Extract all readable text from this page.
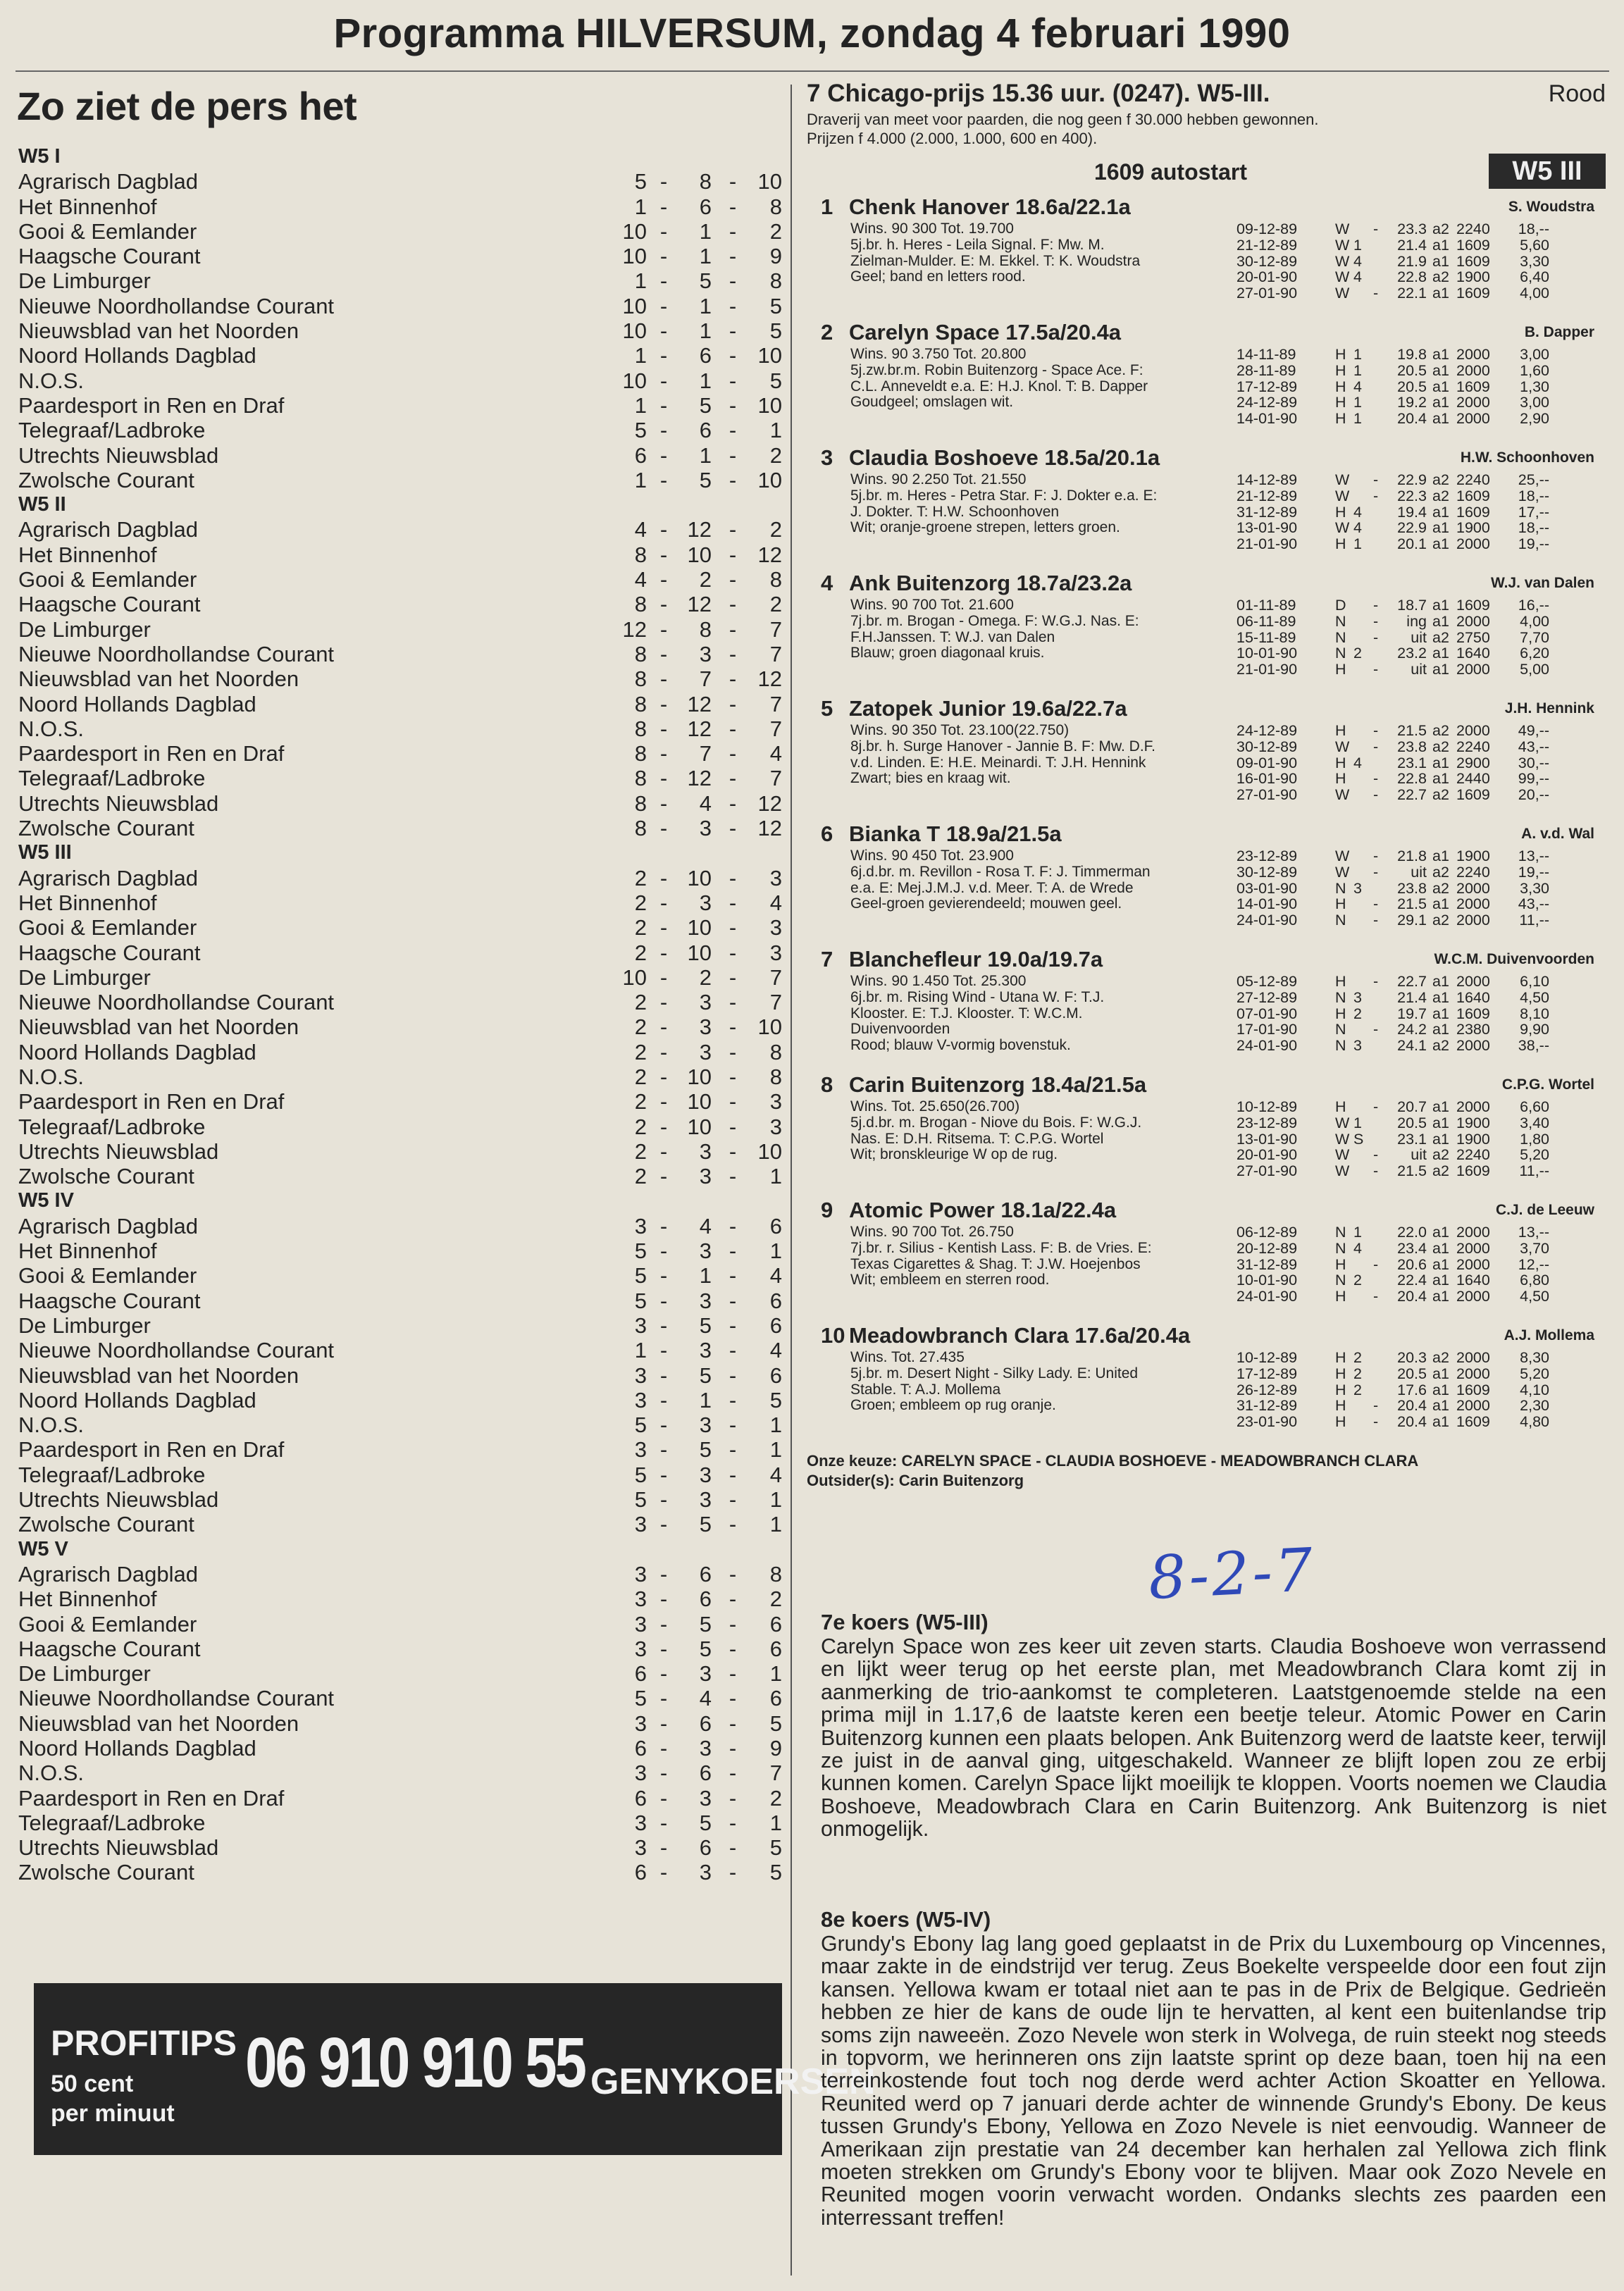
Programma HILVERSUM, zondag 4 februari 1990
Zo ziet de pers het
W5 I
Agrarisch Dagblad	5 -	8 - 10
Het Binnenhof	1 -	6 -	8
Gooi & Eemlander	10 -	1 -	2
Haagsche Courant	10 -	1 -	9
De Limburger	1 -	5 -	8
Nieuwe Noordhollandse Courant	10 -	1 -	5
Nieuwsblad van het Noorden	10 -	1 -	5
Noord Hollands Dagblad	1 -	6 - 10
N.O.S.	10 -	1 -	5
Paardesport in Ren en Draf	1 -	5 - 10
Telegraaf/Ladbroke	5 -	6 -	1
Utrechts Nieuwsblad	6 -	1 -	2
Zwolsche Courant	1 -	5 - 10
W5 II
Agrarisch Dagblad	4 - 12 -	2
Het Binnenhof	8 - 10 - 12
Gooi & Eemlander	4 -	2 -	8
Haagsche Courant	8 - 12 -	2
De Limburger	12 -	8 -	7
Nieuwe Noordhollandse Courant	8 -	3 -	7
Nieuwsblad van het Noorden	8 -	7 - 12
Noord Hollands Dagblad	8 - 12 -	7
N.O.S.	8 - 12 -	7
Paardesport in Ren en Draf	8 -	7 -	4
Telegraaf/Ladbroke	8 - 12 -	7
Utrechts Nieuwsblad	8 -	4 - 12
Zwolsche Courant	8 -	3 - 12
W5 III
Agrarisch Dagblad	2 - 10 -	3
Het Binnenhof	2 -	3 -	4
Gooi & Eemlander	2 - 10 -	3
Haagsche Courant	2 - 10 -	3
De Limburger	10 -	2 -	7
Nieuwe Noordhollandse Courant	2 -	3 -	7
Nieuwsblad van het Noorden	2 -	3 - 10
Noord Hollands Dagblad	2 -	3 -	8
N.O.S.	2 - 10 -	8
Paardesport in Ren en Draf	2 - 10 -	3
Telegraaf/Ladbroke	2 - 10 -	3
Utrechts Nieuwsblad	2 -	3 - 10
Zwolsche Courant	2 -	3 -	1
W5 IV
Agrarisch Dagblad	3 -	4 -	6
Het Binnenhof	5 -	3 -	1
Gooi & Eemlander	5 -	1 -	4
Haagsche Courant	5 -	3 -	6
De Limburger	3 -	5 -	6
Nieuwe Noordhollandse Courant	1 -	3 -	4
Nieuwsblad van het Noorden	3 -	5 -	6
Noord Hollands Dagblad	3 -	1 -	5
N.O.S.	5 -	3 -	1
Paardesport in Ren en Draf	3 -	5 -	1
Telegraaf/Ladbroke	5 -	3 -	4
Utrechts Nieuwsblad	5 -	3 -	1
Zwolsche Courant	3 -	5 -	1
W5 V
Agrarisch Dagblad	3 -	6 -	8
Het Binnenhof	3 -	6 -	2
Gooi & Eemlander	3 -	5 -	6
Haagsche Courant	3 -	5 -	6
De Limburger	6 -	3 -	1
Nieuwe Noordhollandse Courant	5 -	4 -	6
Nieuwsblad van het Noorden	3 -	6 -	5
Noord Hollands Dagblad	6 -	3 -	9
N.O.S.	3 -	6 -	7
Paardesport in Ren en Draf	6 -	3 -	2
Telegraaf/Ladbroke	3 -	5 -	1
Utrechts Nieuwsblad	3 -	6 -	5
Zwolsche Courant	6 -	3 -	5
PROFITIPS
50 cent
per minuut
06 910 910 55 GENYKOERSEN
7 Chicago-prijs 15.36 uur. (0247). W5-III.	Rood
Draverij van meet voor paarden, die nog geen f 30.000 hebben gewonnen.
Prijzen f 4.000 (2.000, 1.000, 600 en 400).
1609 autostart	W5 III
1 Chenk Hanover 18.6a/22.1a	S. Woudstra
Wins. 90 300 Tot. 19.700
5j.br. h. Heres - Leila Signal. F: Mw. M.
Zielman-Mulder. E: M. Ekkel. T: K. Woudstra
Geel; band en letters rood.
09-12-89	W -	23.3 a2 2240	18,--
21-12-89	W 1	21.4 a1 1609	5,60
30-12-89	W 4	21.9 a1 1609	3,30
20-01-90	W 4	22.8 a2 1900	6,40
27-01-90	W -	22.1 a1 1609	4,00
2 Carelyn Space 17.5a/20.4a	B. Dapper
Wins. 90 3.750 Tot. 20.800
5j.zw.br.m. Robin Buitenzorg - Space Ace. F:
C.L. Anneveldt e.a. E: H.J. Knol. T: B. Dapper
Goudgeel; omslagen wit.
14-11-89	H 1	19.8 a1 2000	3,00
28-11-89	H 1	20.5 a1 2000	1,60
17-12-89	H 4	20.5 a1 1609	1,30
24-12-89	H 1	19.2 a1 2000	3,00
14-01-90	H 1	20.4 a1 2000	2,90
3 Claudia Boshoeve 18.5a/20.1a	H.W. Schoonhoven
Wins. 90 2.250 Tot. 21.550
5j.br. m. Heres - Petra Star. F: J. Dokter e.a. E:
J. Dokter. T: H.W. Schoonhoven
Wit; oranje-groene strepen, letters groen.
14-12-89	W -	22.9 a2 2240	25,--
21-12-89	W -	22.3 a2 1609	18,--
31-12-89	H 4	19.4 a1 1609	17,--
13-01-90	W 4	22.9 a1 1900	18,--
21-01-90	H 1	20.1 a1 2000	19,--
4 Ank Buitenzorg 18.7a/23.2a	W.J. van Dalen
Wins. 90 700 Tot. 21.600
7j.br. m. Brogan - Omega. F: W.G.J. Nas. E:
F.H.Janssen. T: W.J. van Dalen
Blauw; groen diagonaal kruis.
01-11-89	D -	18.7 a1 1609	16,--
06-11-89	N -	ing a1 2000	4,00
15-11-89	N -	uit a2 2750	7,70
10-01-90	N 2	23.2 a1 1640	6,20
21-01-90	H -	uit a1 2000	5,00
5 Zatopek Junior 19.6a/22.7a	J.H. Hennink
Wins. 90 350 Tot. 23.100(22.750)
8j.br. h. Surge Hanover - Jannie B. F: Mw. D.F.
v.d. Linden. E: H.E. Meinardi. T: J.H. Hennink
Zwart; bies en kraag wit.
24-12-89	H -	21.5 a2 2000	49,--
30-12-89	W -	23.8 a2 2240	43,--
09-01-90	H 4	23.1 a1 2900	30,--
16-01-90	H -	22.8 a1 2440	99,--
27-01-90	W -	22.7 a2 1609	20,--
6 Bianka T 18.9a/21.5a	A. v.d. Wal
Wins. 90 450 Tot. 23.900
6j.d.br. m. Revillon - Rosa T. F: J. Timmerman
e.a. E: Mej.J.M.J. v.d. Meer. T: A. de Wrede
Geel-groen gevierendeeld; mouwen geel.
23-12-89	W -	21.8 a1 1900	13,--
30-12-89	W -	uit a2 2240	19,--
03-01-90	N 3	23.8 a2 2000	3,30
14-01-90	H -	21.5 a1 2000	43,--
24-01-90	N -	29.1 a2 2000	11,--
7 Blanchefleur 19.0a/19.7a	W.C.M. Duivenvoorden
Wins. 90 1.450 Tot. 25.300
6j.br. m. Rising Wind - Utana W. F: T.J.
Klooster. E: T.J. Klooster. T: W.C.M.
Duivenvoorden
Rood; blauw V-vormig bovenstuk.
05-12-89	H -	22.7 a1 2000	6,10
27-12-89	N 3	21.4 a1 1640	4,50
07-01-90	H 2	19.7 a1 1609	8,10
17-01-90	N -	24.2 a1 2380	9,90
24-01-90	N 3	24.1 a2 2000	38,--
8 Carin Buitenzorg 18.4a/21.5a	C.P.G. Wortel
Wins. Tot. 25.650(26.700)
5j.d.br. m. Brogan - Niove du Bois. F: W.G.J.
Nas. E: D.H. Ritsema. T: C.P.G. Wortel
Wit; bronskleurige W op de rug.
10-12-89	H -	20.7 a1 2000	6,60
23-12-89	W 1	20.5 a1 1900	3,40
13-01-90	W S	23.1 a1 1900	1,80
20-01-90	W -	uit a2 2240	5,20
27-01-90	W -	21.5 a2 1609	11,--
9 Atomic Power 18.1a/22.4a	C.J. de Leeuw
Wins. 90 700 Tot. 26.750
7j.br. r. Silius - Kentish Lass. F: B. de Vries. E:
Texas Cigarettes & Shag. T: J.W. Hoejenbos
Wit; embleem en sterren rood.
06-12-89	N 1	22.0 a1 2000	13,--
20-12-89	N 4	23.4 a1 2000	3,70
31-12-89	H -	20.6 a1 2000	12,--
10-01-90	N 2	22.4 a1 1640	6,80
24-01-90	H -	20.4 a1 2000	4,50
10 Meadowbranch Clara 17.6a/20.4a	A.J. Mollema
Wins. Tot. 27.435
5j.br. m. Desert Night - Silky Lady. E: United
Stable. T: A.J. Mollema
Groen; embleem op rug oranje.
10-12-89	H 2	20.3 a2 2000	8,30
17-12-89	H 2	20.5 a1 2000	5,20
26-12-89	H 2	17.6 a1 1609	4,10
31-12-89	H -	20.4 a1 2000	2,30
23-01-90	H -	20.4 a1 1609	4,80
Onze keuze: CARELYN SPACE - CLAUDIA BOSHOEVE - MEADOWBRANCH CLARA
Outsider(s): Carin Buitenzorg
8-2-7
7e koers (W5-III)

Carelyn Space won zes keer uit zeven starts. Claudia Boshoeve won verrassend en lijkt weer terug op het eerste plan, met Meadowbranch Clara komt zij in aanmerking de trio-aankomst te completeren. Laatstgenoemde stelde na een prima mijl in 1.17,6 de laatste keren een beetje teleur. Atomic Power en Carin Buitenzorg kunnen een plaats belopen. Ank Buitenzorg werd de laatste keer, terwijl ze juist in de aanval ging, uitgeschakeld. Wanneer ze blijft lopen zou ze erbij kunnen komen. Carelyn Space lijkt moeilijk te kloppen. Voorts noemen we Claudia Boshoeve, Meadowbrach Clara en Carin Buitenzorg. Ank Buitenzorg is niet onmogelijk.

8e koers (W5-IV)

Grundy's Ebony lag lang goed geplaatst in de Prix du Luxembourg op Vincennes, maar zakte in de eindstrijd ver terug. Zeus Boekelte verspeelde door een fout zijn kansen. Yellowa kwam er totaal niet aan te pas in de Prix de Belgique. Gedrieën hebben ze hier de kans de oude lijn te hervatten, al kent een buitenlandse trip soms zijn naweeën. Zozo Nevele won sterk in Wolvega, de ruin steekt nog steeds in topvorm, we herinneren ons zijn laatste sprint op deze baan, toen hij na een terreinkostende fout toch nog derde werd achter Action Skoatter en Yellowa. Reunited werd op 7 januari derde achter de winnende Grundy's Ebony. De keus tussen Grundy's Ebony, Yellowa en Zozo Nevele is niet eenvoudig. Wanneer de Amerikaan zijn prestatie van 24 december kan herhalen zal Yellowa zich flink moeten strekken om Grundy's Ebony voor te blijven. Maar ook Zozo Nevele en Reunited mogen voorin verwacht worden. Ondanks slechts zes paarden een interressant treffen!
